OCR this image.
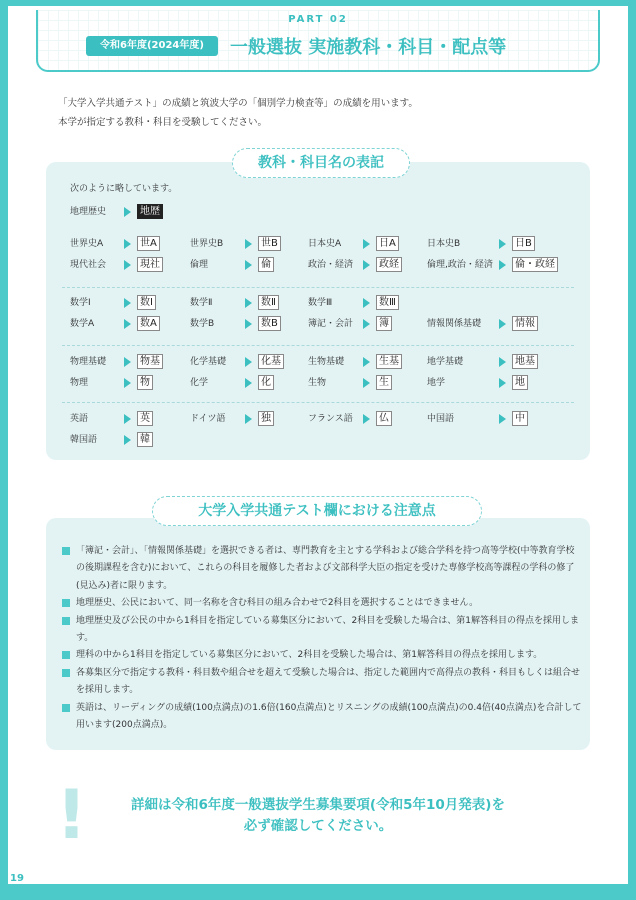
PART 02
令和6年度(2024年度)	一般選抜 実施教科・科目・配点等
「大学入学共通テスト」の成績と筑波大学の「個別学力検査等」の成績を用います。
本学が指定する教科・科目を受験してください。
教科・科目名の表記
次のように略しています。
地理歴史	地歴
世界史A	世A	世界史B	世B	日本史A	日A	日本史B	日B
現代社会	現社	倫理	倫	政治・経済	政経	倫理,政治・経済	倫・政経
数学Ⅰ	数Ⅰ	数学Ⅱ	数Ⅱ	数学Ⅲ	数Ⅲ
数学A	数A	数学B	数B	簿記・会計	簿	情報関係基礎	情報
物理基礎	物基	化学基礎	化基	生物基礎	生基	地学基礎	地基
物理	物	化学	化	生物	生	地学	地
英語	英	ドイツ語	独	フランス語	仏	中国語	中
韓国語	韓
大学入学共通テスト欄における注意点
「簿記・会計」、「情報関係基礎」を選択できる者は、専門教育を主とする学科および総合学科を持つ高等学校(中等教育学校の後期課程を含む)において、これらの科目を履修した者および文部科学大臣の指定を受けた専修学校高等課程の学科の修了(見込み)者に限ります。
地理歴史、公民において、同一名称を含む科目の組み合わせで2科目を選択することはできません。
地理歴史及び公民の中から1科目を指定している募集区分において、2科目を受験した場合は、第1解答科目の得点を採用します。
理科の中から1科目を指定している募集区分において、2科目を受験した場合は、第1解答科目の得点を採用します。
各募集区分で指定する教科・科目数や組合せを超えて受験した場合は、指定した範囲内で高得点の教科・科目もしくは組合せを採用します。
英語は、リーディングの成績(100点満点)の1.6倍(160点満点)とリスニングの成績(100点満点)の0.4倍(40点満点)を合計して用います(200点満点)。
!	詳細は令和6年度一般選抜学生募集要項(令和5年10月発表)を
必ず確認してください。
19
